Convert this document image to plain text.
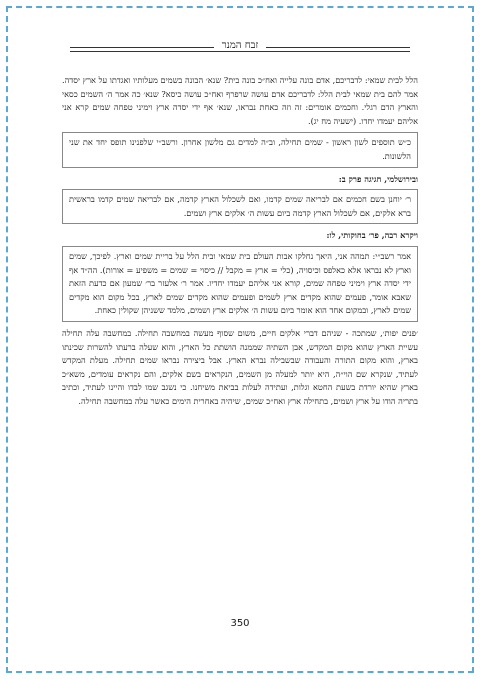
זבח המנר

הלל לבית שמאי: לדבריכם, אדם בונה עלייה ואח״כ בונה בית? שנא׳ הבונה בשמים מעלותיו ואגדתו על ארץ יסדה. אמר להם בית שמאי לבית הלל: לדבריכם אדם עושה שרפרף ואח״כ עושה כיסא? שנא׳ כה אמר ה׳ השמים כסאי והארץ הדם רגלי. וחכמים אומרים: זה וזה כאחת נבראו, שנא׳ אף ידי יסדה ארץ וימיני טפחה שמים קרא אני אליהם יעמדו יחדו. (ישעיה מח יג).

כ״ש תוספים לשון ראשון - שמים תחילה, וב״ה למדים גם מלשון אחרון. ורשב״י שלפנינו תופס יחד את שני הלשונות.

ובירושלמי, חגיגה פרק ב:

ר׳ יוחנן בשם חכמים אם לבריאה שמים קדמו, ואם לשכלול הארץ קדמה, אם לבריאה שמים קדמו בראשית ברא אלקים, אם לשכלול הארץ קדמה ביום עשות ה׳ אלקים ארץ ושמים.

ויקרא רבה, פר׳ בחוקותי, לו:

אמר רשב״י: תמהה אני, היאך נחלקו אבות העולם בית שמאי ובית הלל על בריית שמים וארץ. לפיכך, שמים וארץ לא נבראו אלא כאלפס וכיסויה, (כלי = ארץ = מקבל // כיסוי = שמים = משפיע = אורות). הה״ד אף ידי יסדה ארץ וימיני טפחה שמים, קורא אני אליהם יעמדו יחדיו. אמר ר׳ אלעזר בר׳ שמעון אם כדעת הזאת שאבא אומר, פעמים שהוא מקדים ארץ לשמים ופעמים שהוא מקדים שמים לארץ, בכל מקום הוא מקדים שמים לארץ, ובמקום אחד הוא אומר ביום עשות ה׳ אלקים ארץ ושמים, מלמד ששניהן שקולין כאחת.

׳פנים יפות׳, שמתכה - שניהם דברי אלקים חיים, משום שסוף מעשה במחשבה תחילה. במחשבה עלה תחילה עשיית הארץ שהוא מקום המקדש, אבן השתיה שממנה הושתת כל הארץ, והוא שעלה ברעתו להשרות שכינתו בארץ, והוא מקום התורה והעבודה שבשבילה נברא הארץ. אבל ביצירה נבראו שמים תחילה. מעלת המקדש לעתיד, שנקרא שם הוי״ה, היא יותר למעלה מן השמים, הנקראים בשם אלקים, והם נקראים עומדים, משא״כ בארץ שהיא יורדת בשעת החטא וגלות, ועתידה לעלות בביאת משיחנו. כי נשגב שמו לבדו והיינו לעתיד, וכתיב בתריה הודו על ארץ ושמים, בתחילה ארץ ואח״כ שמים, שיהיה באחרית הימים כאשר עלה במחשבה תחילה.

350
